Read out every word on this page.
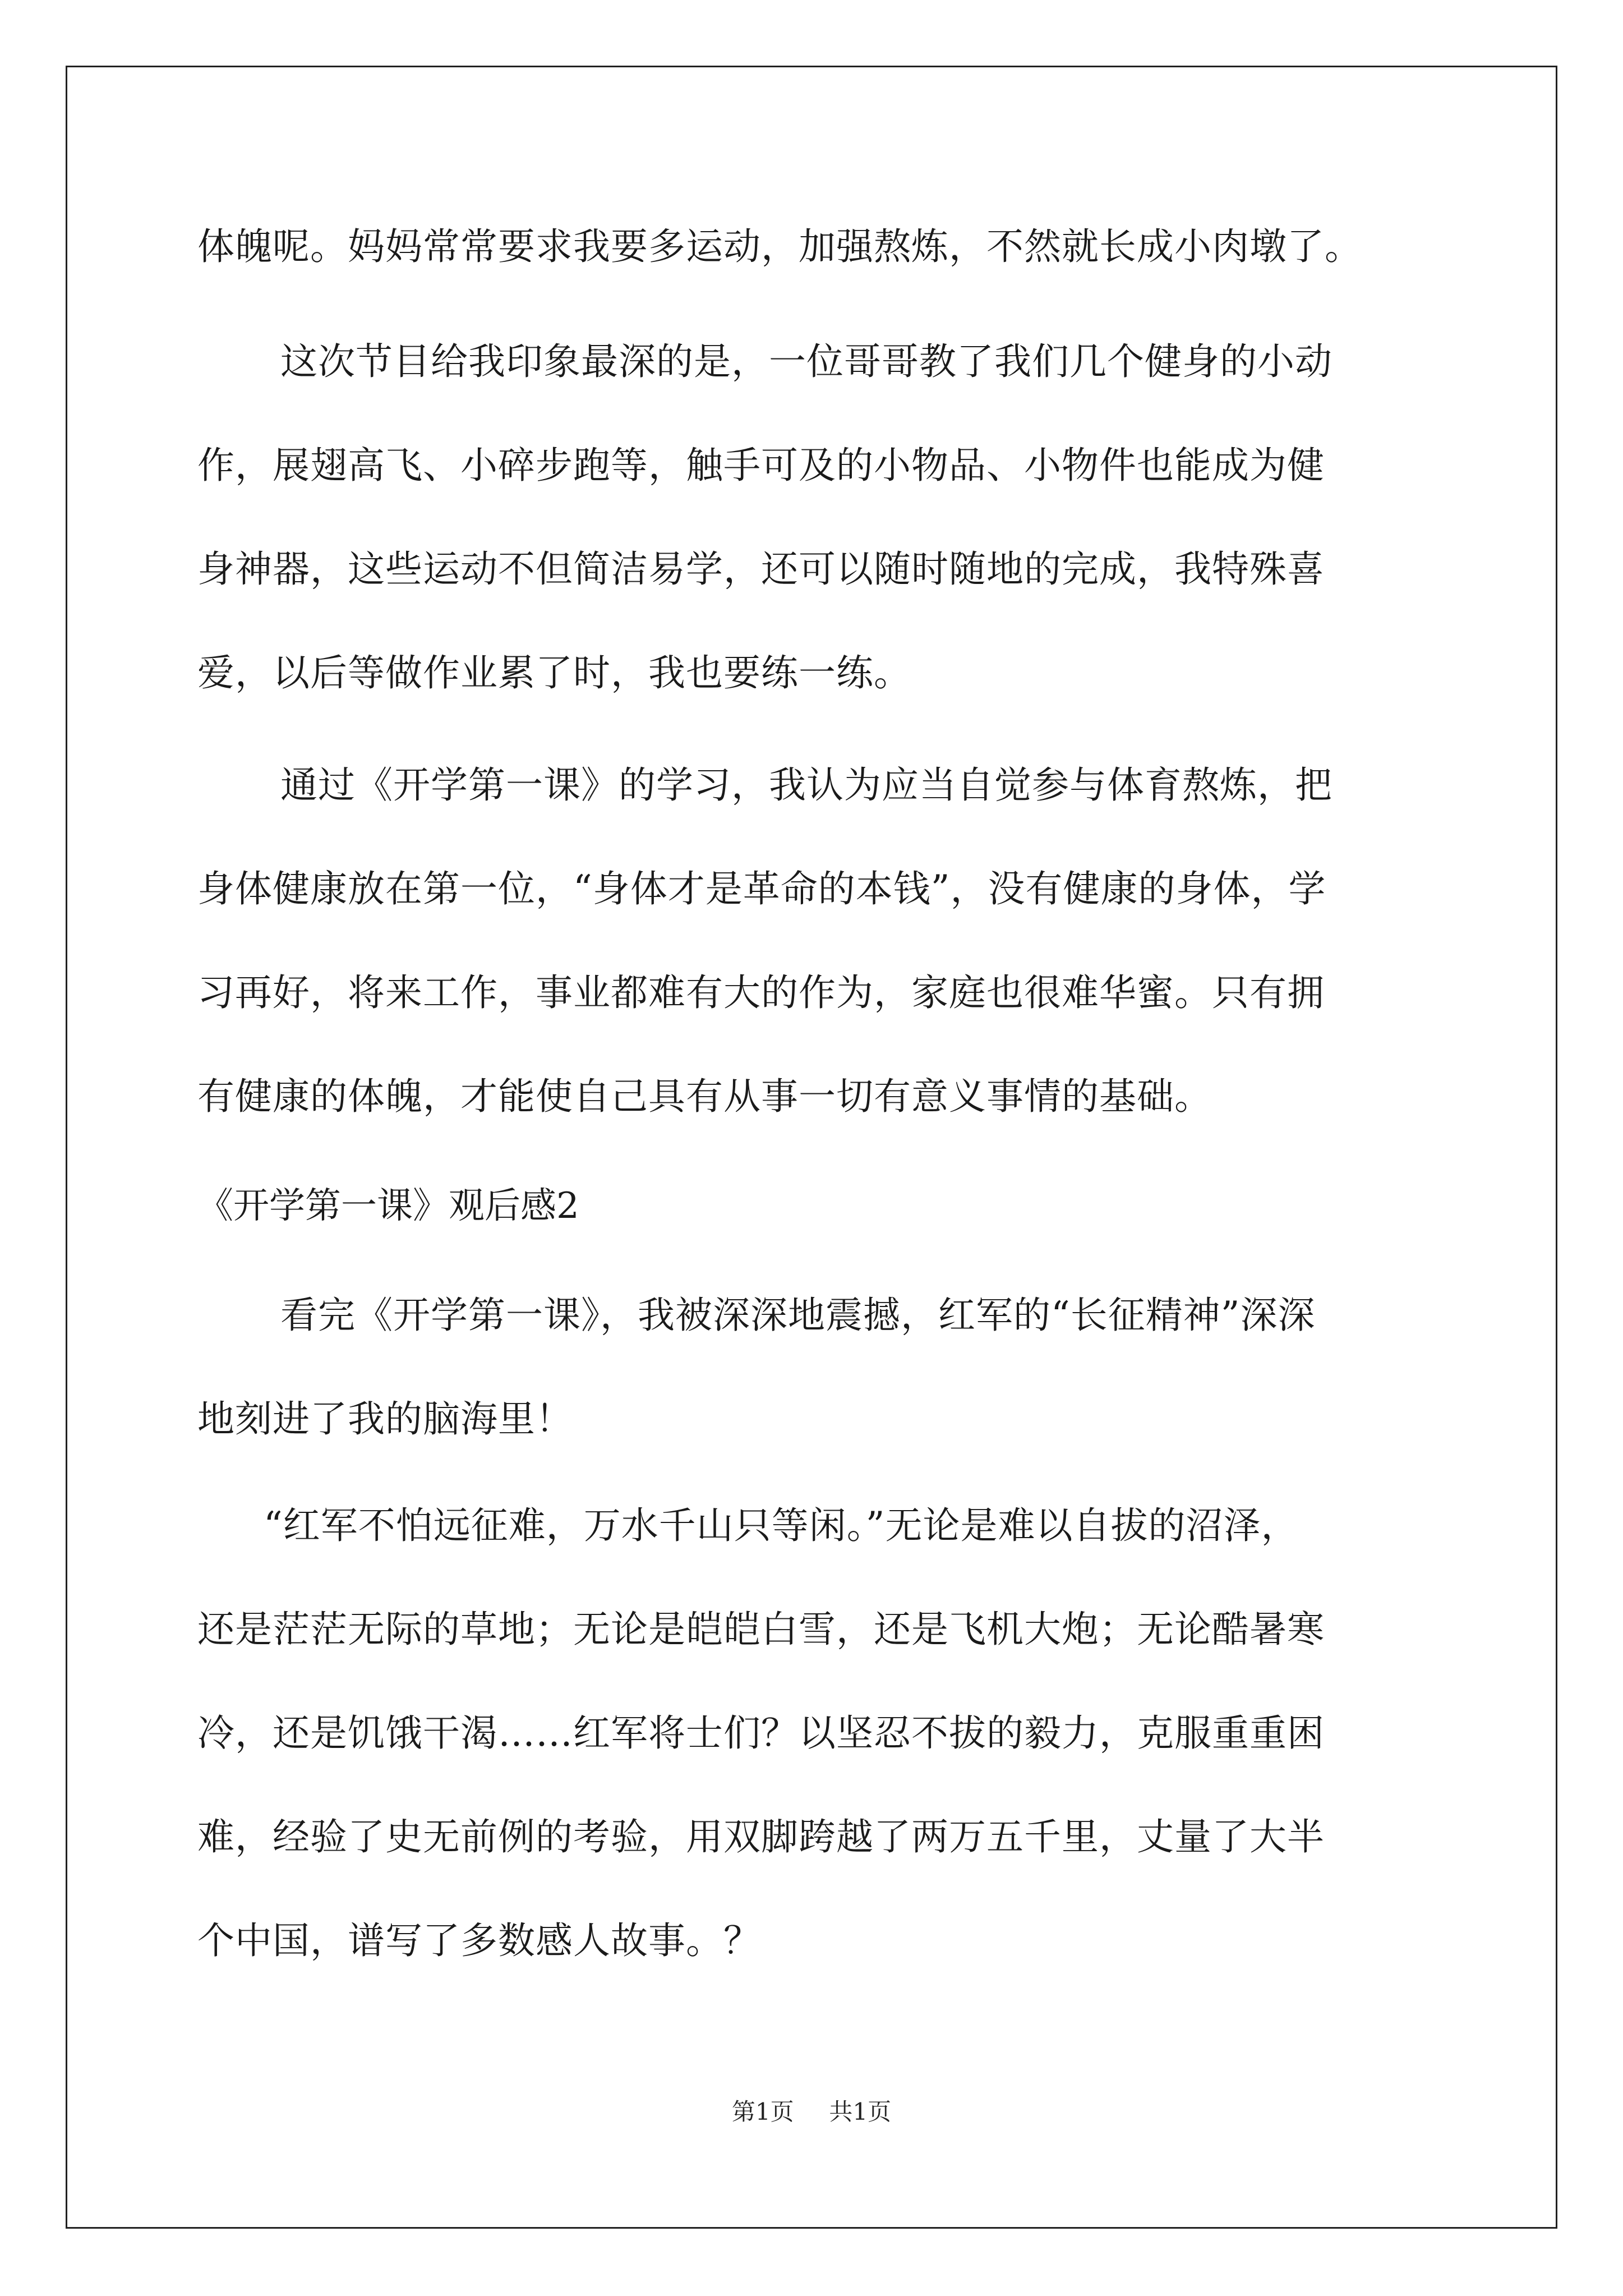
体魄呢。妈妈常常要求我要多运动，加强熬炼，不然就长成小肉墩了。
这次节目给我印象最深的是，一位哥哥教了我们几个健身的小动
作，展翅高飞、小碎步跑等，触手可及的小物品、小物件也能成为健
身神器，这些运动不但简洁易学，还可以随时随地的完成，我特殊喜
爱，以后等做作业累了时，我也要练一练。
通过《开学第一课》的学习，我认为应当自觉参与体育熬炼，把
身体健康放在第一位，“身体才是革命的本钱”，没有健康的身体，学
习再好，将来工作，事业都难有大的作为，家庭也很难华蜜。只有拥
有健康的体魄，才能使自己具有从事一切有意义事情的基础。
《开学第一课》观后感2
看完《开学第一课》，我被深深地震撼，红军的“长征精神”深深
地刻进了我的脑海里！
“红军不怕远征难，万水千山只等闲。”无论是难以自拔的沼泽，
还是茫茫无际的草地；无论是皑皑白雪，还是飞机大炮；无论酷暑寒
冷，还是饥饿干渴……红军将士们？以坚忍不拔的毅力，克服重重困
难，经验了史无前例的考验，用双脚跨越了两万五千里，丈量了大半
个中国，谱写了多数感人故事。？
第1页 共1页
